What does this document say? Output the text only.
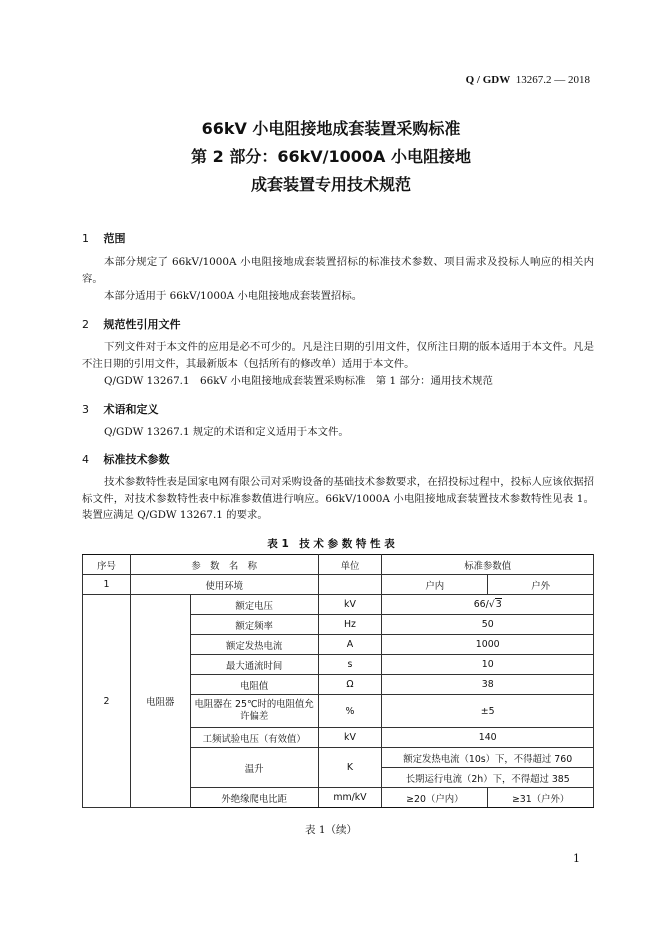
Q / GDW 13267.2 — 2018
66kV 小电阻接地成套装置采购标准
第 2 部分：66kV/1000A 小电阻接地
成套装置专用技术规范
1 范围
本部分规定了 66kV/1000A 小电阻接地成套装置招标的标准技术参数、项目需求及投标人响应的相关内容。
本部分适用于 66kV/1000A 小电阻接地成套装置招标。
2 规范性引用文件
下列文件对于本文件的应用是必不可少的。凡是注日期的引用文件，仅所注日期的版本适用于本文件。凡是不注日期的引用文件，其最新版本（包括所有的修改单）适用于本文件。
Q/GDW 13267.1　66kV 小电阻接地成套装置采购标准　第 1 部分：通用技术规范
3 术语和定义
Q/GDW 13267.1 规定的术语和定义适用于本文件。
4 标准技术参数
技术参数特性表是国家电网有限公司对采购设备的基础技术参数要求，在招投标过程中，投标人应该依据招标文件，对技术参数特性表中标准参数值进行响应。66kV/1000A 小电阻接地成套装置技术参数特性见表 1。装置应满足 Q/GDW 13267.1 的要求。
表 1　技 术 参 数 特 性 表
序号	参　数　名　称		单位	标准参数值	
1	使用环境			户内	户外
2	电阻器	额定电压	kV	66/√3	
		额定频率	Hz	50	
		额定发热电流	A	1000	
		最大通流时间	s	10	
		电阻值	Ω	38	
		电阻器在 25℃时的电阻值允许偏差	%	±5	
		工频试验电压（有效值）	kV	140	
		温升	K	额定发热电流（10s）下，不得超过 760	
				长期运行电流（2h）下，不得超过 385	
		外绝缘爬电比距	mm/kV	≥20（户内）	≥31（户外）
表 1（续）
1
